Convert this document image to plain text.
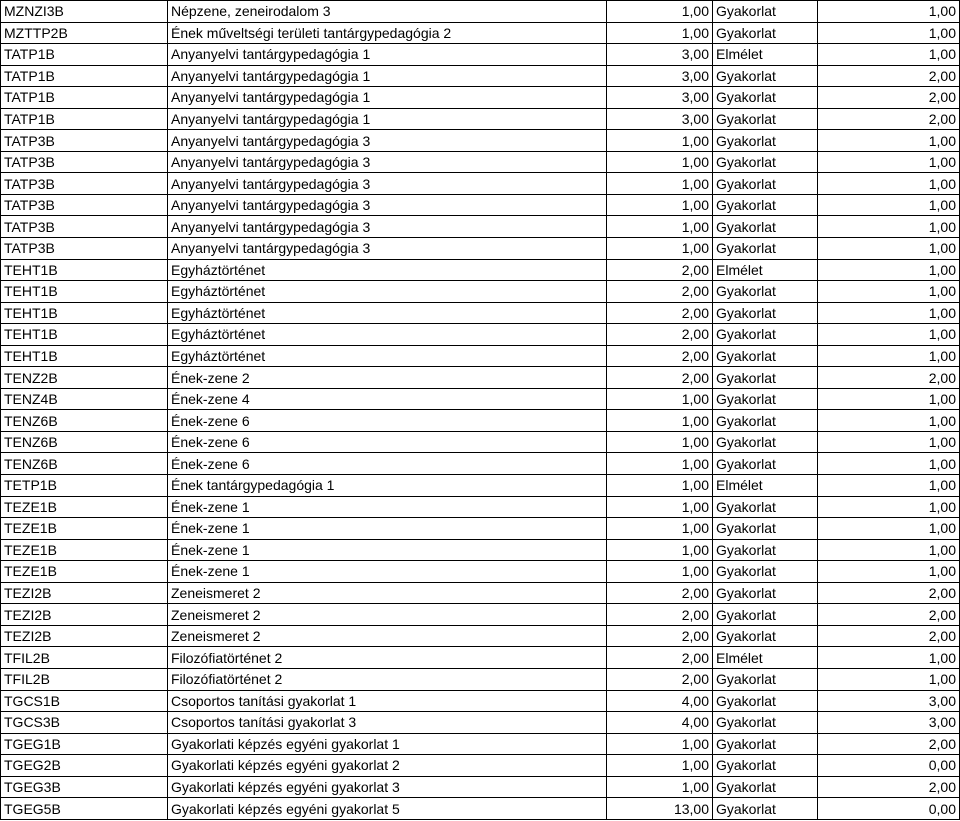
MZNZI3B	Népzene, zeneirodalom 3	1,00	Gyakorlat	1,00
MZTTP2B	Ének műveltségi területi tantárgypedagógia 2	1,00	Gyakorlat	1,00
TATP1B	Anyanyelvi tantárgypedagógia 1	3,00	Elmélet	1,00
TATP1B	Anyanyelvi tantárgypedagógia 1	3,00	Gyakorlat	2,00
TATP1B	Anyanyelvi tantárgypedagógia 1	3,00	Gyakorlat	2,00
TATP1B	Anyanyelvi tantárgypedagógia 1	3,00	Gyakorlat	2,00
TATP3B	Anyanyelvi tantárgypedagógia 3	1,00	Gyakorlat	1,00
TATP3B	Anyanyelvi tantárgypedagógia 3	1,00	Gyakorlat	1,00
TATP3B	Anyanyelvi tantárgypedagógia 3	1,00	Gyakorlat	1,00
TATP3B	Anyanyelvi tantárgypedagógia 3	1,00	Gyakorlat	1,00
TATP3B	Anyanyelvi tantárgypedagógia 3	1,00	Gyakorlat	1,00
TATP3B	Anyanyelvi tantárgypedagógia 3	1,00	Gyakorlat	1,00
TEHT1B	Egyháztörténet	2,00	Elmélet	1,00
TEHT1B	Egyháztörténet	2,00	Gyakorlat	1,00
TEHT1B	Egyháztörténet	2,00	Gyakorlat	1,00
TEHT1B	Egyháztörténet	2,00	Gyakorlat	1,00
TEHT1B	Egyháztörténet	2,00	Gyakorlat	1,00
TENZ2B	Ének-zene 2	2,00	Gyakorlat	2,00
TENZ4B	Ének-zene 4	1,00	Gyakorlat	1,00
TENZ6B	Ének-zene 6	1,00	Gyakorlat	1,00
TENZ6B	Ének-zene 6	1,00	Gyakorlat	1,00
TENZ6B	Ének-zene 6	1,00	Gyakorlat	1,00
TETP1B	Ének tantárgypedagógia 1	1,00	Elmélet	1,00
TEZE1B	Ének-zene 1	1,00	Gyakorlat	1,00
TEZE1B	Ének-zene 1	1,00	Gyakorlat	1,00
TEZE1B	Ének-zene 1	1,00	Gyakorlat	1,00
TEZE1B	Ének-zene 1	1,00	Gyakorlat	1,00
TEZI2B	Zeneismeret 2	2,00	Gyakorlat	2,00
TEZI2B	Zeneismeret 2	2,00	Gyakorlat	2,00
TEZI2B	Zeneismeret 2	2,00	Gyakorlat	2,00
TFIL2B	Filozófiatörténet 2	2,00	Elmélet	1,00
TFIL2B	Filozófiatörténet 2	2,00	Gyakorlat	1,00
TGCS1B	Csoportos tanítási gyakorlat 1	4,00	Gyakorlat	3,00
TGCS3B	Csoportos tanítási gyakorlat 3	4,00	Gyakorlat	3,00
TGEG1B	Gyakorlati képzés egyéni gyakorlat 1	1,00	Gyakorlat	2,00
TGEG2B	Gyakorlati képzés egyéni gyakorlat 2	1,00	Gyakorlat	0,00
TGEG3B	Gyakorlati képzés egyéni gyakorlat 3	1,00	Gyakorlat	2,00
TGEG5B	Gyakorlati képzés egyéni gyakorlat 5	13,00	Gyakorlat	0,00
